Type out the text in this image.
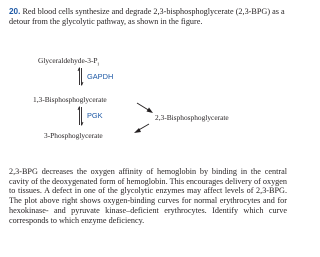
20. Red blood cells synthesize and degrade 2,3-bisphosphoglycerate (2,3-BPG) as a detour from the glycolytic pathway, as shown in the figure.
Glyceraldehyde-$3-P_i$
GAPDH
1,3-Bisphosphoglycerate
PGK	2,3-Bisphosphoglycerate
3-Phosphoglycerate
2,3-BPG decreases the oxygen affinity of hemoglobin by binding in the central cavity of the deoxygenated form of hemoglobin. This encourages delivery of oxygen to tissues. A defect in one of the glycolytic enzymes may affect levels of 2,3-BPG. The plot above right shows oxygen-binding curves for normal erythrocytes and for hexokinase- and pyruvate kinase–deficient erythrocytes. Identify which curve corresponds to which enzyme deficiency.
